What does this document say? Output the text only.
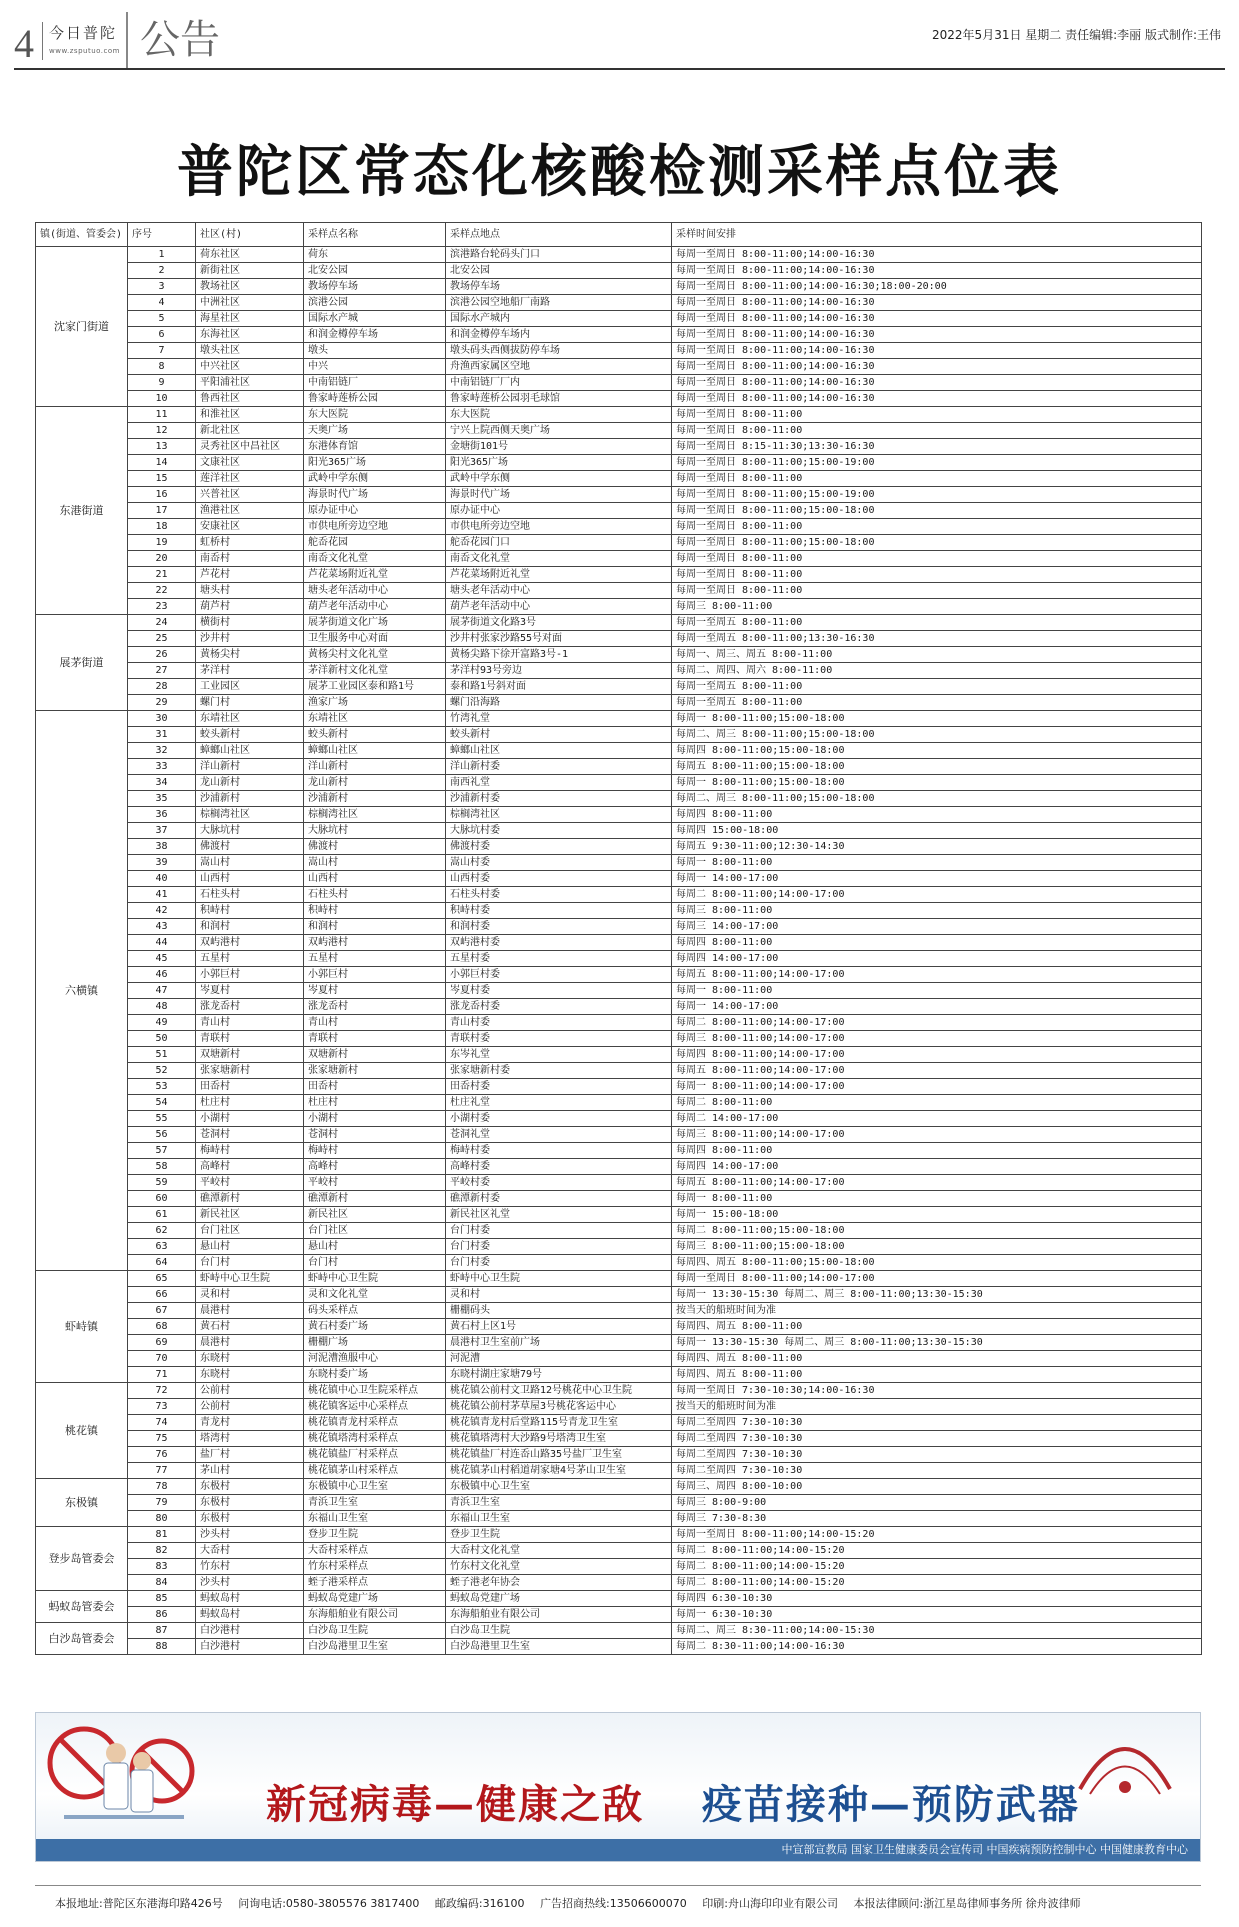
4 今日普陀
www.zsputuo.com 公告	2022年5月31日 星期二 责任编辑:李丽 版式制作:王伟
普陀区常态化核酸检测采样点位表
镇(街道、管委会)	序号	社区(村)	采样点名称	采样点地点	采样时间安排
沈家门街道	1	荷东社区	荷东	滨港路台轮码头门口	每周一至周日 8:00-11:00;14:00-16:30
	2	新街社区	北安公园	北安公园	每周一至周日 8:00-11:00;14:00-16:30
	3	教场社区	教场停车场	教场停车场	每周一至周日 8:00-11:00;14:00-16:30;18:00-20:00
	4	中洲社区	滨港公园	滨港公园空地船厂南路	每周一至周日 8:00-11:00;14:00-16:30
	5	海星社区	国际水产城	国际水产城内	每周一至周日 8:00-11:00;14:00-16:30
	6	东海社区	和润金樽停车场	和润金樽停车场内	每周一至周日 8:00-11:00;14:00-16:30
	7	墩头社区	墩头	墩头码头西侧拔防停车场	每周一至周日 8:00-11:00;14:00-16:30
	8	中兴社区	中兴	舟渔西家属区空地	每周一至周日 8:00-11:00;14:00-16:30
	9	平阳浦社区	中南铝链厂	中南铝链厂厂内	每周一至周日 8:00-11:00;14:00-16:30
	10	鲁西社区	鲁家峙莲桥公园	鲁家峙莲桥公园羽毛球馆	每周一至周日 8:00-11:00;14:00-16:30
东港街道	11	和淮社区	东大医院	东大医院	每周一至周日 8:00-11:00
	12	新北社区	天奥广场	宁兴上院西侧天奥广场	每周一至周日 8:00-11:00
	13	灵秀社区中昌社区	东港体育馆	金塘街101号	每周一至周日 8:15-11:30;13:30-16:30
	14	文康社区	阳光365广场	阳光365广场	每周一至周日 8:00-11:00;15:00-19:00
	15	莲洋社区	武岭中学东侧	武岭中学东侧	每周一至周日 8:00-11:00
	16	兴普社区	海景时代广场	海景时代广场	每周一至周日 8:00-11:00;15:00-19:00
	17	渔港社区	原办证中心	原办证中心	每周一至周日 8:00-11:00;15:00-18:00
	18	安康社区	市供电所旁边空地	市供电所旁边空地	每周一至周日 8:00-11:00
	19	虹桥村	舵岙花园	舵岙花园门口	每周一至周日 8:00-11:00;15:00-18:00
	20	南岙村	南岙文化礼堂	南岙文化礼堂	每周一至周日 8:00-11:00
	21	芦花村	芦花菜场附近礼堂	芦花菜场附近礼堂	每周一至周日 8:00-11:00
	22	塘头村	塘头老年活动中心	塘头老年活动中心	每周一至周日 8:00-11:00
	23	葫芦村	葫芦老年活动中心	葫芦老年活动中心	每周三 8:00-11:00
展茅街道	24	横街村	展茅街道文化广场	展茅街道文化路3号	每周一至周五 8:00-11:00
	25	沙井村	卫生服务中心对面	沙井村张家沙路55号对面	每周一至周五 8:00-11:00;13:30-16:30
	26	黄杨尖村	黄杨尖村文化礼堂	黄杨尖路下徐开富路3号-1	每周一、周三、周五 8:00-11:00
	27	茅洋村	茅洋新村文化礼堂	茅洋村93号旁边	每周二、周四、周六 8:00-11:00
	28	工业园区	展茅工业园区泰和路1号	泰和路1号斜对面	每周一至周五 8:00-11:00
	29	螺门村	渔家广场	螺门沿海路	每周一至周五 8:00-11:00
六横镇	30	东靖社区	东靖社区	竹湾礼堂	每周一 8:00-11:00;15:00-18:00
	31	蛟头新村	蛟头新村	蛟头新村	每周二、周三 8:00-11:00;15:00-18:00
	32	蟑螂山社区	蟑螂山社区	蟑螂山社区	每周四 8:00-11:00;15:00-18:00
	33	洋山新村	洋山新村	洋山新村委	每周五 8:00-11:00;15:00-18:00
	34	龙山新村	龙山新村	南西礼堂	每周一 8:00-11:00;15:00-18:00
	35	沙浦新村	沙浦新村	沙浦新村委	每周二、周三 8:00-11:00;15:00-18:00
	36	棕榈湾社区	棕榈湾社区	棕榈湾社区	每周四 8:00-11:00
	37	大脉坑村	大脉坑村	大脉坑村委	每周四 15:00-18:00
	38	佛渡村	佛渡村	佛渡村委	每周五 9:30-11:00;12:30-14:30
	39	嵩山村	嵩山村	嵩山村委	每周一 8:00-11:00
	40	山西村	山西村	山西村委	每周一 14:00-17:00
	41	石柱头村	石柱头村	石柱头村委	每周二 8:00-11:00;14:00-17:00
	42	积峙村	积峙村	积峙村委	每周三 8:00-11:00
	43	和润村	和润村	和润村委	每周三 14:00-17:00
	44	双屿港村	双屿港村	双屿港村委	每周四 8:00-11:00
	45	五星村	五星村	五星村委	每周四 14:00-17:00
	46	小郭巨村	小郭巨村	小郭巨村委	每周五 8:00-11:00;14:00-17:00
	47	岑夏村	岑夏村	岑夏村委	每周一 8:00-11:00
	48	涨龙岙村	涨龙岙村	涨龙岙村委	每周一 14:00-17:00
	49	青山村	青山村	青山村委	每周二 8:00-11:00;14:00-17:00
	50	青联村	青联村	青联村委	每周三 8:00-11:00;14:00-17:00
	51	双塘新村	双塘新村	东岑礼堂	每周四 8:00-11:00;14:00-17:00
	52	张家塘新村	张家塘新村	张家塘新村委	每周五 8:00-11:00;14:00-17:00
	53	田岙村	田岙村	田岙村委	每周一 8:00-11:00;14:00-17:00
	54	杜庄村	杜庄村	杜庄礼堂	每周二 8:00-11:00
	55	小湖村	小湖村	小湖村委	每周二 14:00-17:00
	56	苍洞村	苍洞村	苍洞礼堂	每周三 8:00-11:00;14:00-17:00
	57	梅峙村	梅峙村	梅峙村委	每周四 8:00-11:00
	58	高峰村	高峰村	高峰村委	每周四 14:00-17:00
	59	平峧村	平峧村	平峧村委	每周五 8:00-11:00;14:00-17:00
	60	礁潭新村	礁潭新村	礁潭新村委	每周一 8:00-11:00
	61	新民社区	新民社区	新民社区礼堂	每周一 15:00-18:00
	62	台门社区	台门社区	台门村委	每周二 8:00-11:00;15:00-18:00
	63	悬山村	悬山村	台门村委	每周三 8:00-11:00;15:00-18:00
	64	台门村	台门村	台门村委	每周四、周五 8:00-11:00;15:00-18:00
虾峙镇	65	虾峙中心卫生院	虾峙中心卫生院	虾峙中心卫生院	每周一至周日 8:00-11:00;14:00-17:00
	66	灵和村	灵和文化礼堂	灵和村	每周一 13:30-15:30 每周二、周三 8:00-11:00;13:30-15:30
	67	晨港村	码头采样点	栅棚码头	按当天的船班时间为准
	68	黄石村	黄石村委广场	黄石村上区1号	每周四、周五 8:00-11:00
	69	晨港村	栅棚广场	晨港村卫生室前广场	每周一 13:30-15:30 每周二、周三 8:00-11:00;13:30-15:30
	70	东晓村	河泥漕渔服中心	河泥漕	每周四、周五 8:00-11:00
	71	东晓村	东晓村委广场	东晓村湖庄家塘79号	每周四、周五 8:00-11:00
桃花镇	72	公前村	桃花镇中心卫生院采样点	桃花镇公前村文卫路12号桃花中心卫生院	每周一至周日 7:30-10:30;14:00-16:30
	73	公前村	桃花镇客运中心采样点	桃花镇公前村茅草屋3号桃花客运中心	按当天的船班时间为准
	74	青龙村	桃花镇青龙村采样点	桃花镇青龙村后堂路115号青龙卫生室	每周二至周四 7:30-10:30
	75	塔湾村	桃花镇塔湾村采样点	桃花镇塔湾村大沙路9号塔湾卫生室	每周二至周四 7:30-10:30
	76	盐厂村	桃花镇盐厂村采样点	桃花镇盐厂村连岙山路35号盐厂卫生室	每周二至周四 7:30-10:30
	77	茅山村	桃花镇茅山村采样点	桃花镇茅山村稻道胡家塘4号茅山卫生室	每周二至周四 7:30-10:30
东极镇	78	东极村	东极镇中心卫生室	东极镇中心卫生室	每周三、周四 8:00-10:00
	79	东极村	青浜卫生室	青浜卫生室	每周三 8:00-9:00
	80	东极村	东福山卫生室	东福山卫生室	每周三 7:30-8:30
登步岛管委会	81	沙头村	登步卫生院	登步卫生院	每周一至周日 8:00-11:00;14:00-15:20
	82	大岙村	大岙村采样点	大岙村文化礼堂	每周二 8:00-11:00;14:00-15:20
	83	竹东村	竹东村采样点	竹东村文化礼堂	每周二 8:00-11:00;14:00-15:20
	84	沙头村	蛭子港采样点	蛭子港老年协会	每周二 8:00-11:00;14:00-15:20
蚂蚁岛管委会	85	蚂蚁岛村	蚂蚁岛党建广场	蚂蚁岛党建广场	每周四 6:30-10:30
	86	蚂蚁岛村	东海船舶业有限公司	东海船舶业有限公司	每周一 6:30-10:30
白沙岛管委会	87	白沙港村	白沙岛卫生院	白沙岛卫生院	每周二、周三 8:30-11:00;14:00-15:30
	88	白沙港村	白沙岛港里卫生室	白沙岛港里卫生室	每周二 8:30-11:00;14:00-16:30
新冠病毒—健康之敌 疫苗接种—预防武器
中宣部宣教局 国家卫生健康委员会宣传司 中国疾病预防控制中心 中国健康教育中心
本报地址:普陀区东港海印路426号 问询电话:0580-3805576 3817400 邮政编码:316100 广告招商热线:13506600070 印刷:舟山海印印业有限公司 本报法律顾问:浙江星岛律师事务所 徐舟波律师
